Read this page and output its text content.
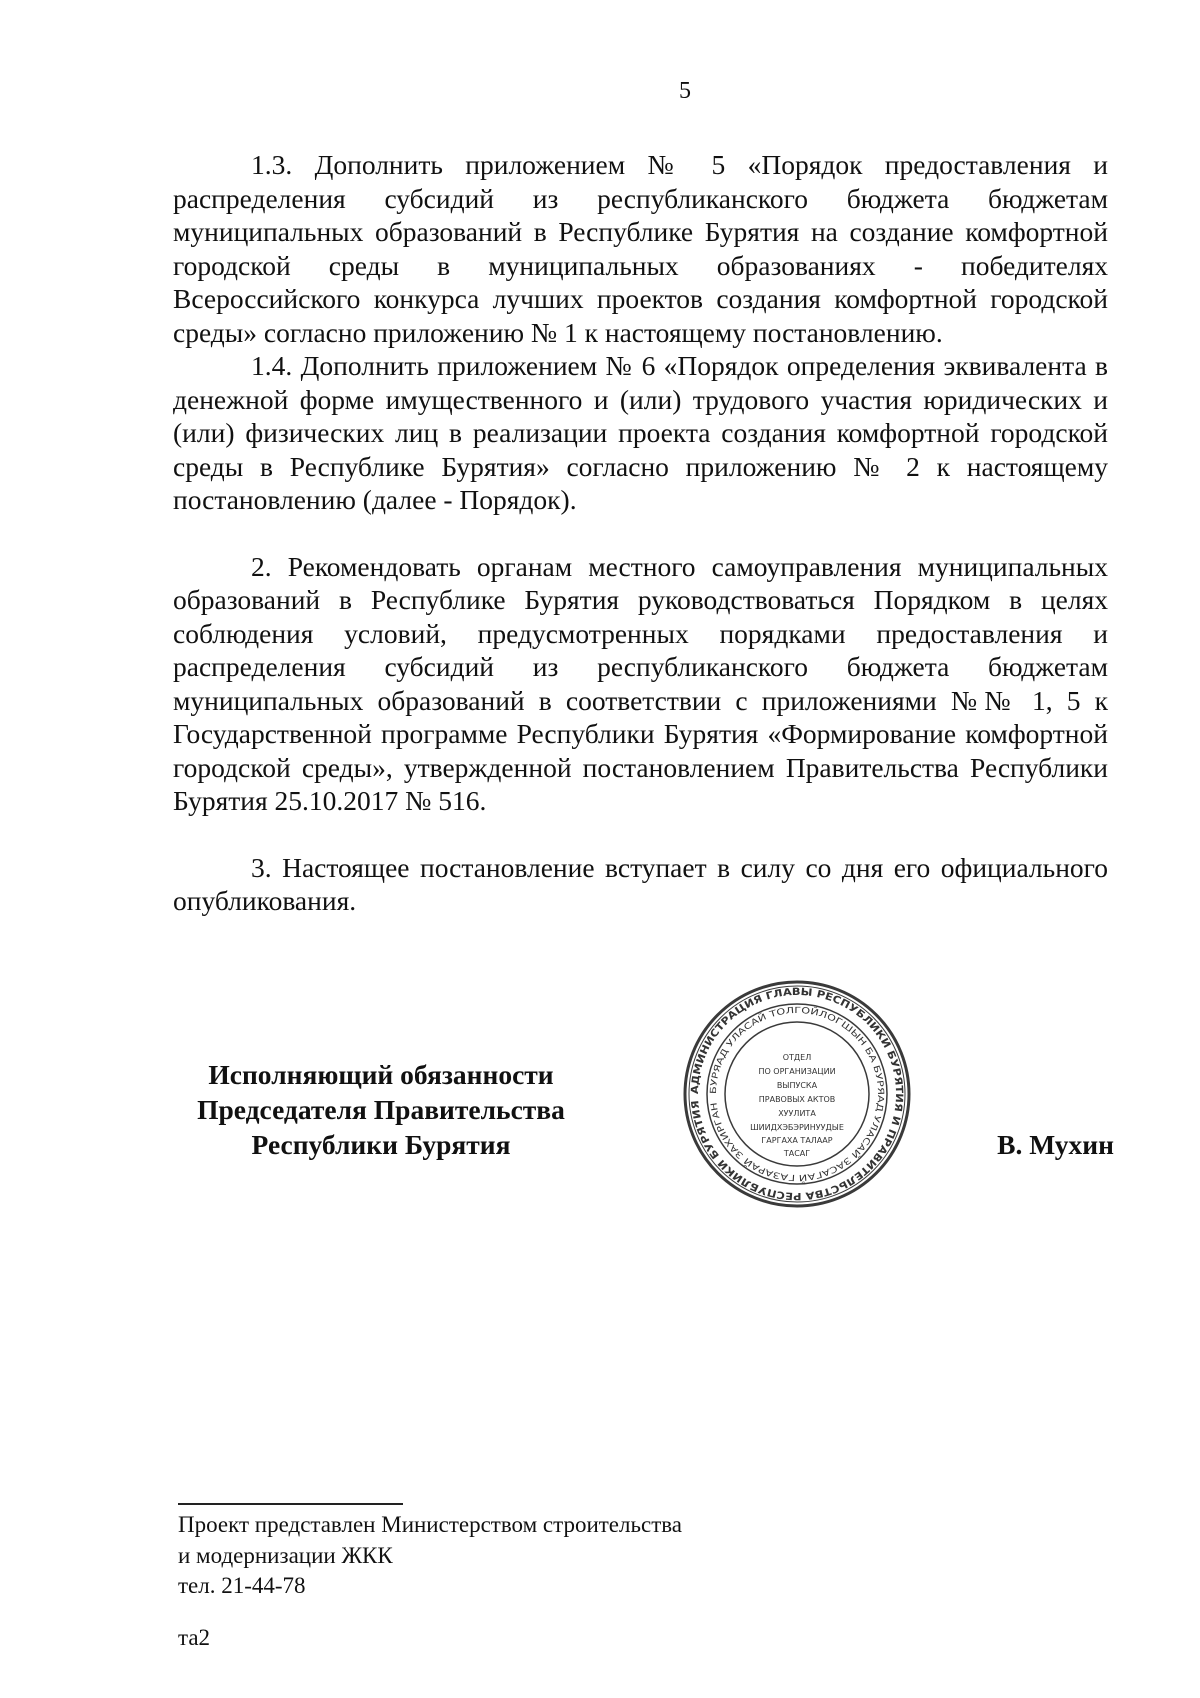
5

1.3. Дополнить приложением № 5 «Порядок предоставления и распределения субсидий из республиканского бюджета бюджетам муниципальных образований в Республике Бурятия на создание комфортной городской среды в муниципальных образованиях - победителях Всероссийского конкурса лучших проектов создания комфортной городской среды» согласно приложению № 1 к настоящему постановлению.

1.4. Дополнить приложением № 6 «Порядок определения эквивалента в денежной форме имущественного и (или) трудового участия юридических и (или) физических лиц в реализации проекта создания комфортной городской среды в Республике Бурятия» согласно приложению № 2 к настоящему постановлению (далее - Порядок).

2. Рекомендовать органам местного самоуправления муниципальных образований в Республике Бурятия руководствоваться Порядком в целях соблюдения условий, предусмотренных порядками предоставления и распределения субсидий из республиканского бюджета бюджетам муниципальных образований в соответствии с приложениями №№ 1, 5 к Государственной программе Республики Бурятия «Формирование комфортной городской среды», утвержденной постановлением Правительства Республики Бурятия 25.10.2017 № 516.

3. Настоящее постановление вступает в силу со дня его официального опубликования.

Исполняющий обязанности
Председателя Правительства
Республики Бурятия
АДМИНИСТРАЦИЯ ГЛАВЫ РЕСПУБЛИКИ БУРЯТИЯ И ПРАВИТЕЛЬСТВА РЕСПУБЛИКИ БУРЯТИЯ
БУРЯАД УЛАСАЙ ТОЛГОЙЛОГШЫН БА БУРЯАД УЛАСАЙ ЗАСАГАЙ ГАЗАРАЙ ЗАХИРГАН
ОТДЕЛ
ПО ОРГАНИЗАЦИИ
ВЫПУСКА
ПРАВОВЫХ АКТОВ
ХУУЛИТА
ШИИДХЭБЭРИНУУДЫЕ
ГАРГАХА ТАЛААР
ТАСАГ	В. Мухин
Проект представлен Министерством строительства
и модернизации ЖКК
тел. 21-44-78
та2
